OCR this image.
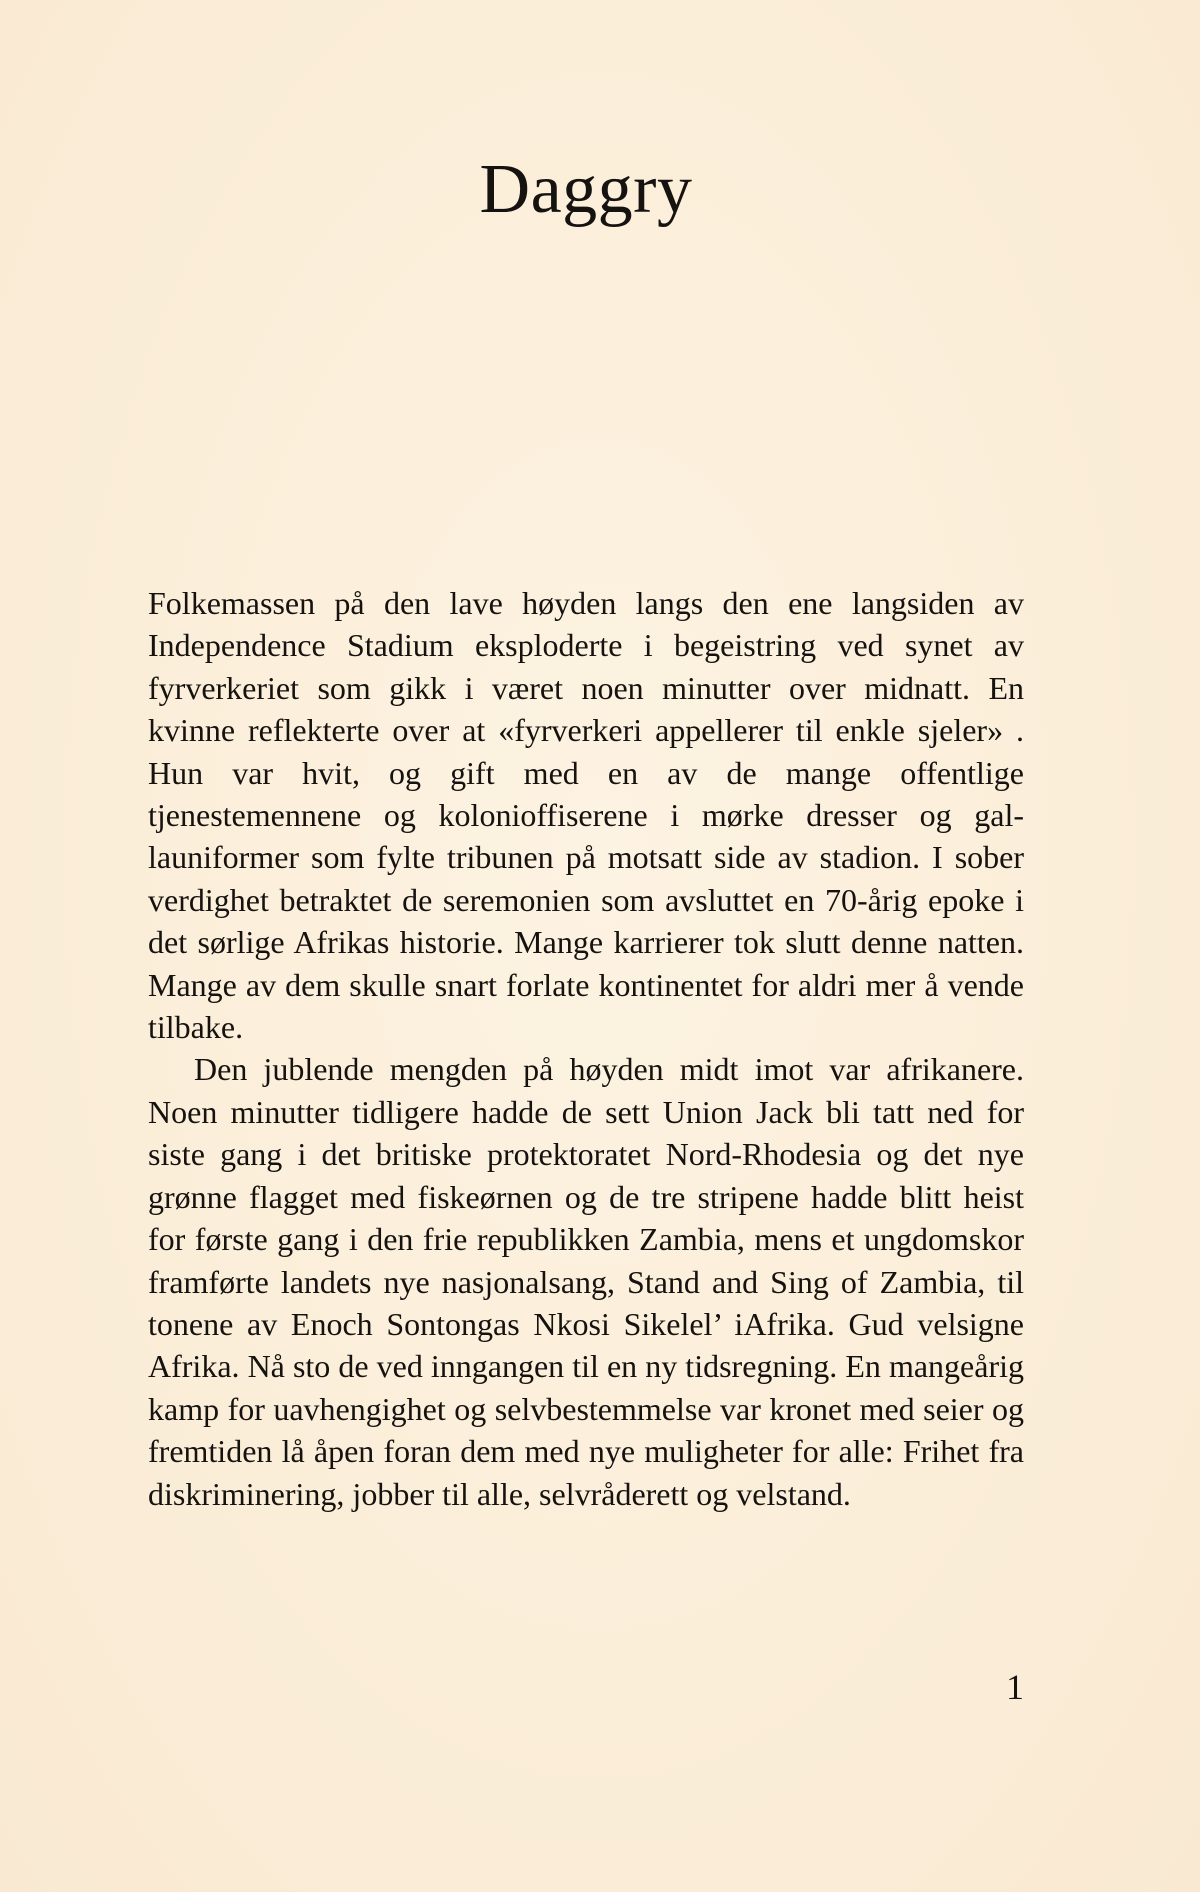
Daggry

Folkemassen på den lave høyden langs den ene langsiden av Independence Stadium eksploderte i begeistring ved synet av fyrverkeriet som gikk i været noen minutter over midnatt. En kvinne reflekterte over at «fyrverkeri appellerer til enkle sjeler» . Hun var hvit, og gift med en av de mange offentlige tjenestemennene og kolonioffiserene i mørke dresser og gallauniformer som fylte tribunen på motsatt side av stadion. I sober verdighet betraktet de seremonien som avsluttet en 70-årig epoke i det sørlige Afrikas historie. Mange karrierer tok slutt denne natten. Mange av dem skulle snart forlate kontinentet for aldri mer å vende tilbake.

Den jublende mengden på høyden midt imot var afrikanere. Noen minutter tidligere hadde de sett Union Jack bli tatt ned for siste gang i det britiske protektoratet Nord-Rhodesia og det nye grønne flagget med fiskeørnen og de tre stripene hadde blitt heist for første gang i den frie republikken Zambia, mens et ungdomskor framførte landets nye nasjonalsang, Stand and Sing of Zambia, til tonene av Enoch Sontongas Nkosi Sikelel’ iAfrika. Gud velsigne Afrika. Nå sto de ved inngangen til en ny tidsregning. En mangeårig kamp for uavhengighet og selvbestemmelse var kronet med seier og fremtiden lå åpen foran dem med nye muligheter for alle: Frihet fra diskriminering, jobber til alle, selvråderett og velstand.

1
